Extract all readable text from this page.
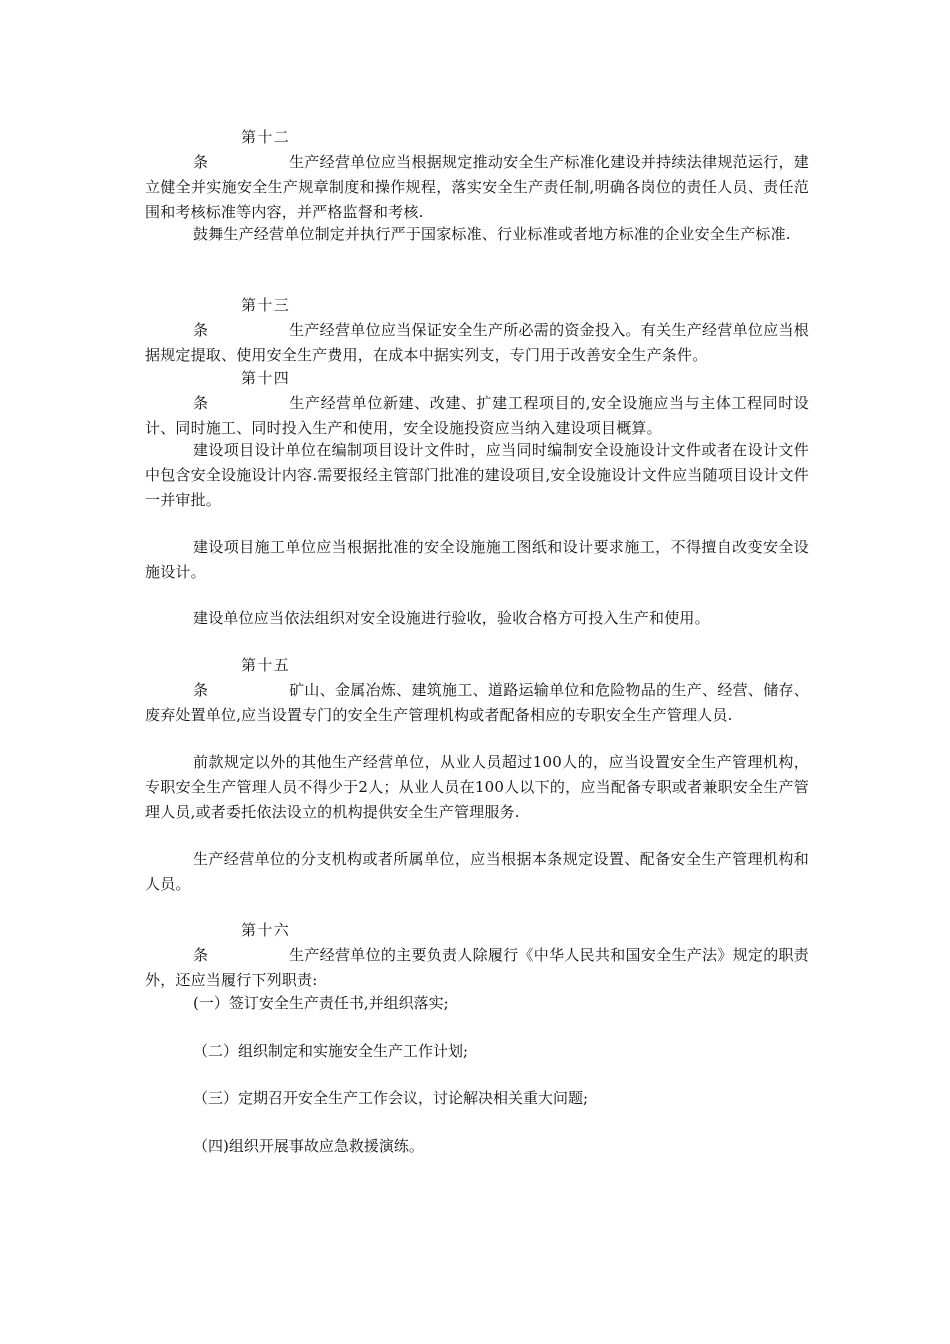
第十二条	生产经营单位应当根据规定推动安全生产标准化建设并持续法律规范运行，建立健全并实施安全生产规章制度和操作规程，落实安全生产责任制,明确各岗位的责任人员、责任范围和考核标准等内容，并严格监督和考核.

鼓舞生产经营单位制定并执行严于国家标准、行业标准或者地方标准的企业安全生产标准.

第十三条	生产经营单位应当保证安全生产所必需的资金投入。有关生产经营单位应当根据规定提取、使用安全生产费用，在成本中据实列支，专门用于改善安全生产条件。

第十四条	生产经营单位新建、改建、扩建工程项目的,安全设施应当与主体工程同时设计、同时施工、同时投入生产和使用，安全设施投资应当纳入建设项目概算。

建设项目设计单位在编制项目设计文件时，应当同时编制安全设施设计文件或者在设计文件中包含安全设施设计内容.需要报经主管部门批准的建设项目,安全设施设计文件应当随项目设计文件一并审批。

建设项目施工单位应当根据批准的安全设施施工图纸和设计要求施工，不得擅自改变安全设施设计。

建设单位应当依法组织对安全设施进行验收，验收合格方可投入生产和使用。

第十五条	矿山、金属冶炼、建筑施工、道路运输单位和危险物品的生产、经营、储存、废弃处置单位,应当设置专门的安全生产管理机构或者配备相应的专职安全生产管理人员.

前款规定以外的其他生产经营单位，从业人员超过100人的，应当设置安全生产管理机构，专职安全生产管理人员不得少于2人；从业人员在100人以下的，应当配备专职或者兼职安全生产管理人员,或者委托依法设立的机构提供安全生产管理服务.

生产经营单位的分支机构或者所属单位，应当根据本条规定设置、配备安全生产管理机构和人员。

第十六条	生产经营单位的主要负责人除履行《中华人民共和国安全生产法》规定的职责外，还应当履行下列职责:

(一）签订安全生产责任书,并组织落实;

（二）组织制定和实施安全生产工作计划;

（三）定期召开安全生产工作会议，讨论解决相关重大问题;

（四)组织开展事故应急救援演练。
